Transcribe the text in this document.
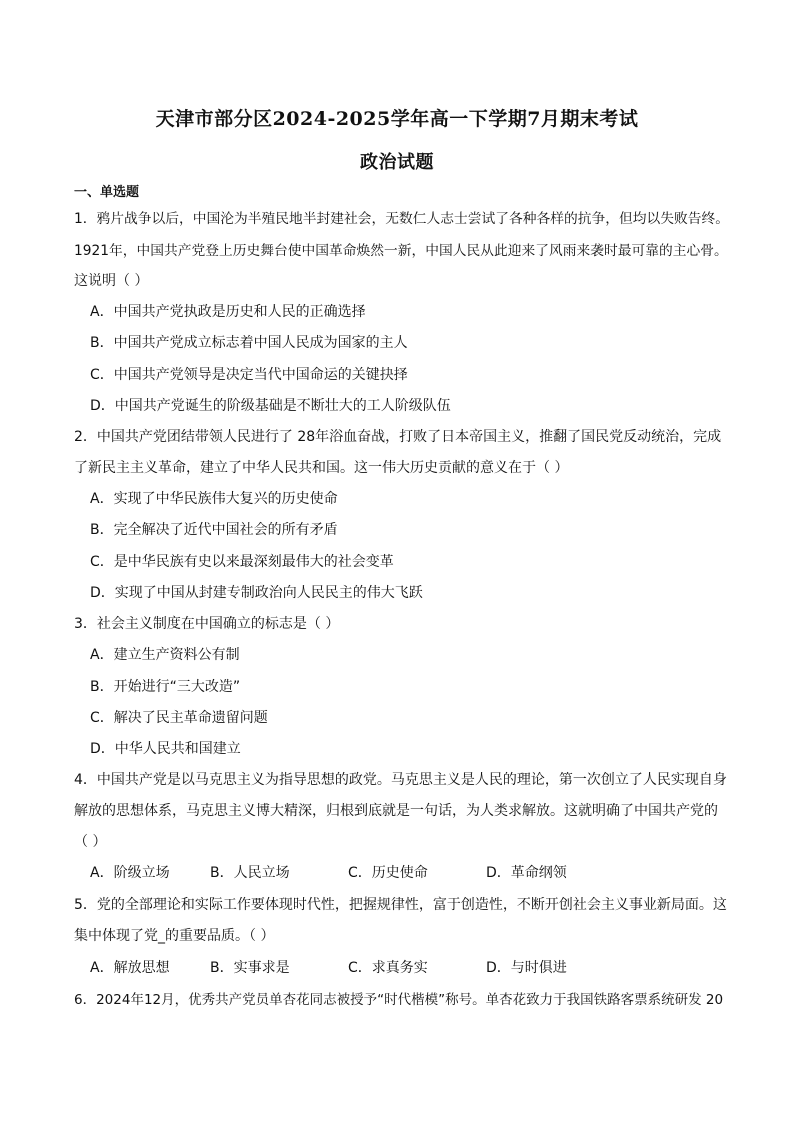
天津市部分区2024-2025学年高一下学期7月期末考试
政治试题
一、单选题
1．鸦片战争以后，中国沦为半殖民地半封建社会，无数仁人志士尝试了各种各样的抗争，但均以失败告终。
1921年，中国共产党登上历史舞台使中国革命焕然一新，中国人民从此迎来了风雨来袭时最可靠的主心骨。
这说明（ ）
A．中国共产党执政是历史和人民的正确选择
B．中国共产党成立标志着中国人民成为国家的主人
C．中国共产党领导是决定当代中国命运的关键抉择
D．中国共产党诞生的阶级基础是不断壮大的工人阶级队伍
2．中国共产党团结带领人民进行了 28年浴血奋战，打败了日本帝国主义，推翻了国民党反动统治，完成
了新民主主义革命，建立了中华人民共和国。这一伟大历史贡献的意义在于（ ）
A．实现了中华民族伟大复兴的历史使命
B．完全解决了近代中国社会的所有矛盾
C．是中华民族有史以来最深刻最伟大的社会变革
D．实现了中国从封建专制政治向人民民主的伟大飞跃
3．社会主义制度在中国确立的标志是（ ）
A．建立生产资料公有制
B．开始进行“三大改造”
C．解决了民主革命遗留问题
D．中华人民共和国建立
4．中国共产党是以马克思主义为指导思想的政党。马克思主义是人民的理论，第一次创立了人民实现自身
解放的思想体系，马克思主义博大精深，归根到底就是一句话，为人类求解放。这就明确了中国共产党的
（ ）
A．阶级立场	B．人民立场	C．历史使命	D．革命纲领
5．党的全部理论和实际工作要体现时代性，把握规律性，富于创造性，不断开创社会主义事业新局面。这
集中体现了党_的重要品质。（ ）
A．解放思想	B．实事求是	C．求真务实	D．与时俱进
6．2024年12月，优秀共产党员单杏花同志被授予“时代楷模”称号。单杏花致力于我国铁路客票系统研发 20
